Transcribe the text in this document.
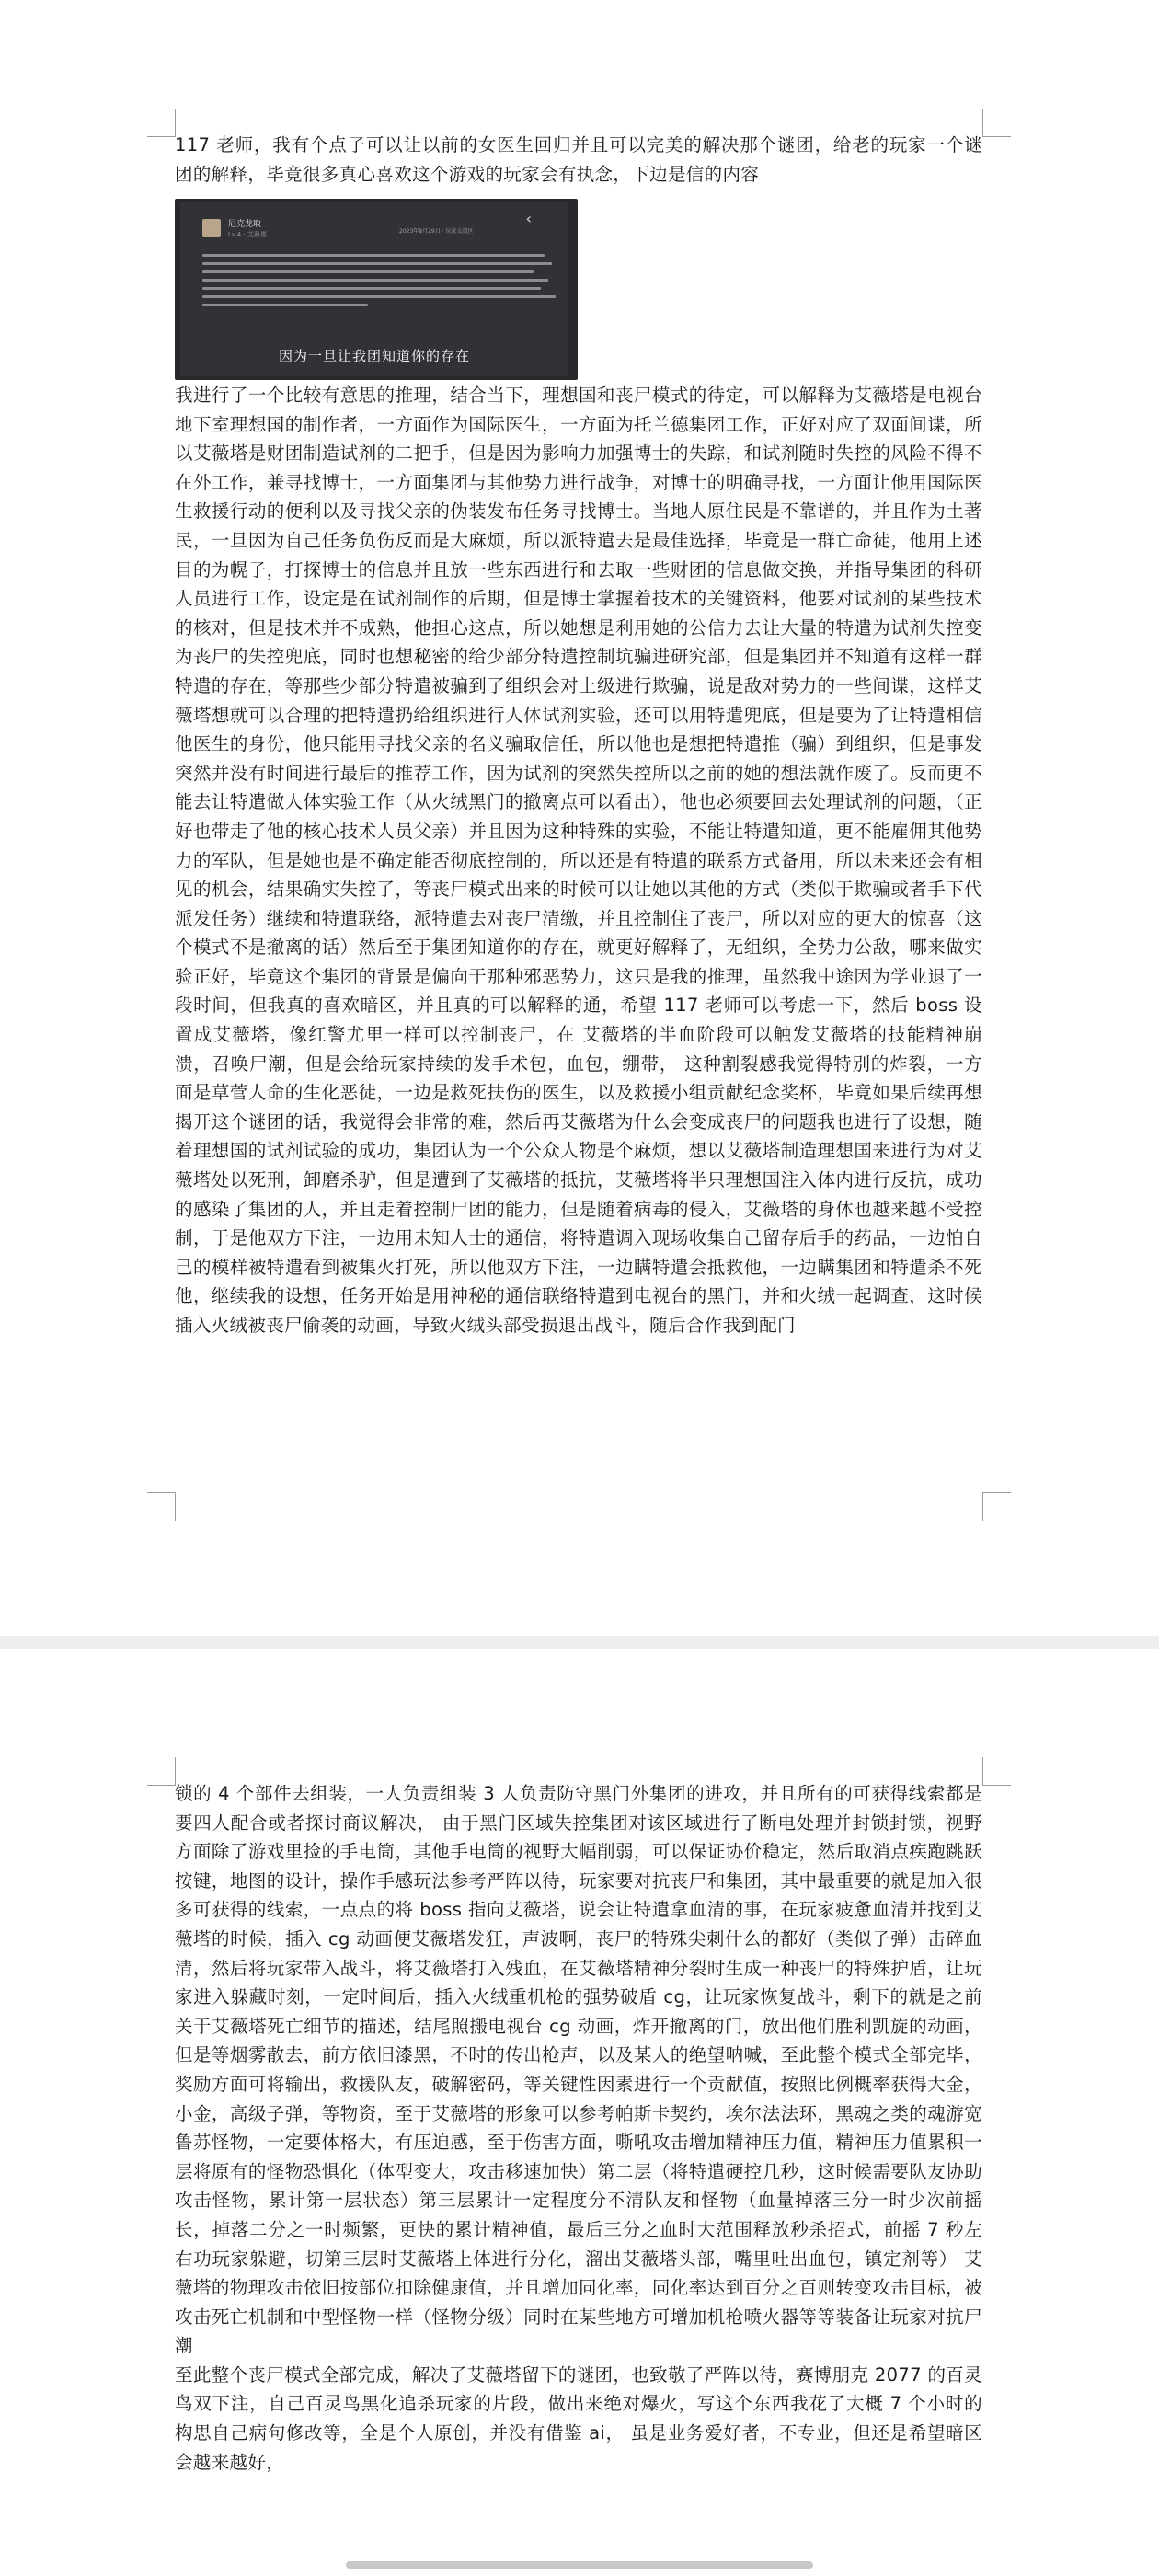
117 老师，我有个点子可以让以前的女医生回归并且可以完美的解决那个谜团，给老的玩家一个谜团的解释，毕竟很多真心喜欢这个游戏的玩家会有执念，下边是信的内容

尼克龙取
Lv.4 · 艾薇塔	2023年8月29日 · 玩家交流区
‹
因为一旦让我团知道你的存在

我进行了一个比较有意思的推理，结合当下，理想国和丧尸模式的待定，可以解释为艾薇塔是电视台地下室理想国的制作者，一方面作为国际医生，一方面为托兰德集团工作，正好对应了双面间谍，所以艾薇塔是财团制造试剂的二把手，但是因为影响力加强博士的失踪，和试剂随时失控的风险不得不在外工作，兼寻找博士，一方面集团与其他势力进行战争，对博士的明确寻找，一方面让他用国际医生救援行动的便利以及寻找父亲的伪装发布任务寻找博士。当地人原住民是不靠谱的，并且作为土著民，一旦因为自己任务负伤反而是大麻烦，所以派特遣去是最佳选择，毕竟是一群亡命徒，他用上述目的为幌子，打探博士的信息并且放一些东西进行和去取一些财团的信息做交换，并指导集团的科研人员进行工作，设定是在试剂制作的后期，但是博士掌握着技术的关键资料，他要对试剂的某些技术的核对，但是技术并不成熟，他担心这点，所以她想是利用她的公信力去让大量的特遣为试剂失控变为丧尸的失控兜底，同时也想秘密的给少部分特遣控制坑骗进研究部，但是集团并不知道有这样一群特遣的存在，等那些少部分特遣被骗到了组织会对上级进行欺骗，说是敌对势力的一些间谍，这样艾薇塔想就可以合理的把特遣扔给组织进行人体试剂实验，还可以用特遣兜底，但是要为了让特遣相信他医生的身份，他只能用寻找父亲的名义骗取信任，所以他也是想把特遣推（骗）到组织，但是事发突然并没有时间进行最后的推荐工作，因为试剂的突然失控所以之前的她的想法就作废了。反而更不能去让特遣做人体实验工作（从火绒黑门的撤离点可以看出），他也必须要回去处理试剂的问题，（正好也带走了他的核心技术人员父亲）并且因为这种特殊的实验，不能让特遣知道，更不能雇佣其他势力的军队，但是她也是不确定能否彻底控制的，所以还是有特遣的联系方式备用，所以未来还会有相见的机会，结果确实失控了，等丧尸模式出来的时候可以让她以其他的方式（类似于欺骗或者手下代派发任务）继续和特遣联络，派特遣去对丧尸清缴，并且控制住了丧尸，所以对应的更大的惊喜（这个模式不是撤离的话）然后至于集团知道你的存在，就更好解释了，无组织，全势力公敌，哪来做实验正好，毕竟这个集团的背景是偏向于那种邪恶势力，这只是我的推理，虽然我中途因为学业退了一段时间，但我真的喜欢暗区，并且真的可以解释的通，希望 117 老师可以考虑一下，然后 boss 设置成艾薇塔，像红警尤里一样可以控制丧尸，在 艾薇塔的半血阶段可以触发艾薇塔的技能精神崩溃，召唤尸潮，但是会给玩家持续的发手术包，血包，绷带， 这种割裂感我觉得特别的炸裂，一方面是草菅人命的生化恶徒，一边是救死扶伤的医生，以及救援小组贡献纪念奖杯，毕竟如果后续再想揭开这个谜团的话，我觉得会非常的难，然后再艾薇塔为什么会变成丧尸的问题我也进行了设想，随着理想国的试剂试验的成功，集团认为一个公众人物是个麻烦，想以艾薇塔制造理想国来进行为对艾薇塔处以死刑，卸磨杀驴，但是遭到了艾薇塔的抵抗，艾薇塔将半只理想国注入体内进行反抗，成功的感染了集团的人，并且走着控制尸团的能力，但是随着病毒的侵入，艾薇塔的身体也越来越不受控制，于是他双方下注，一边用未知人士的通信，将特遣调入现场收集自己留存后手的药品，一边怕自己的模样被特遣看到被集火打死，所以他双方下注，一边瞒特遣会抵救他，一边瞒集团和特遣杀不死他，继续我的设想，任务开始是用神秘的通信联络特遣到电视台的黑门，并和火绒一起调查，这时候插入火绒被丧尸偷袭的动画，导致火绒头部受损退出战斗，随后合作我到配门

锁的 4 个部件去组装，一人负责组装 3 人负责防守黑门外集团的进攻，并且所有的可获得线索都是要四人配合或者探讨商议解决， 由于黑门区域失控集团对该区域进行了断电处理并封锁封锁，视野方面除了游戏里捡的手电筒，其他手电筒的视野大幅削弱，可以保证协价稳定，然后取消点疾跑跳跃按键，地图的设计，操作手感玩法参考严阵以待，玩家要对抗丧尸和集团，其中最重要的就是加入很多可获得的线索，一点点的将 boss 指向艾薇塔，说会让特遣拿血清的事，在玩家疲惫血清并找到艾薇塔的时候，插入 cg 动画便艾薇塔发狂，声波啊，丧尸的特殊尖刺什么的都好（类似子弹）击碎血清，然后将玩家带入战斗，将艾薇塔打入残血，在艾薇塔精神分裂时生成一种丧尸的特殊护盾，让玩家进入躲藏时刻，一定时间后，插入火绒重机枪的强势破盾 cg，让玩家恢复战斗，剩下的就是之前关于艾薇塔死亡细节的描述，结尾照搬电视台 cg 动画，炸开撤离的门，放出他们胜利凯旋的动画，但是等烟雾散去，前方依旧漆黑，不时的传出枪声，以及某人的绝望呐喊，至此整个模式全部完毕，奖励方面可将输出，救援队友，破解密码，等关键性因素进行一个贡献值，按照比例概率获得大金，小金，高级子弹，等物资，至于艾薇塔的形象可以参考帕斯卡契约，埃尔法法环，黑魂之类的魂游宽鲁苏怪物，一定要体格大，有压迫感，至于伤害方面，嘶吼攻击增加精神压力值，精神压力值累积一层将原有的怪物恐惧化（体型变大，攻击移速加快）第二层（将特遣硬控几秒，这时候需要队友协助攻击怪物，累计第一层状态）第三层累计一定程度分不清队友和怪物（血量掉落三分一时少次前摇长，掉落二分之一时频繁，更快的累计精神值，最后三分之血时大范围释放秒杀招式，前摇 7 秒左右功玩家躲避，切第三层时艾薇塔上体进行分化，溜出艾薇塔头部，嘴里吐出血包，镇定剂等） 艾薇塔的物理攻击依旧按部位扣除健康值，并且增加同化率，同化率达到百分之百则转变攻击目标，被攻击死亡机制和中型怪物一样（怪物分级）同时在某些地方可增加机枪喷火器等等装备让玩家对抗尸潮

至此整个丧尸模式全部完成，解决了艾薇塔留下的谜团，也致敬了严阵以待，赛博朋克 2077 的百灵鸟双下注，自己百灵鸟黑化追杀玩家的片段，做出来绝对爆火，写这个东西我花了大概 7 个小时的构思自己病句修改等，全是个人原创，并没有借鉴 ai， 虽是业务爱好者，不专业，但还是希望暗区会越来越好，
